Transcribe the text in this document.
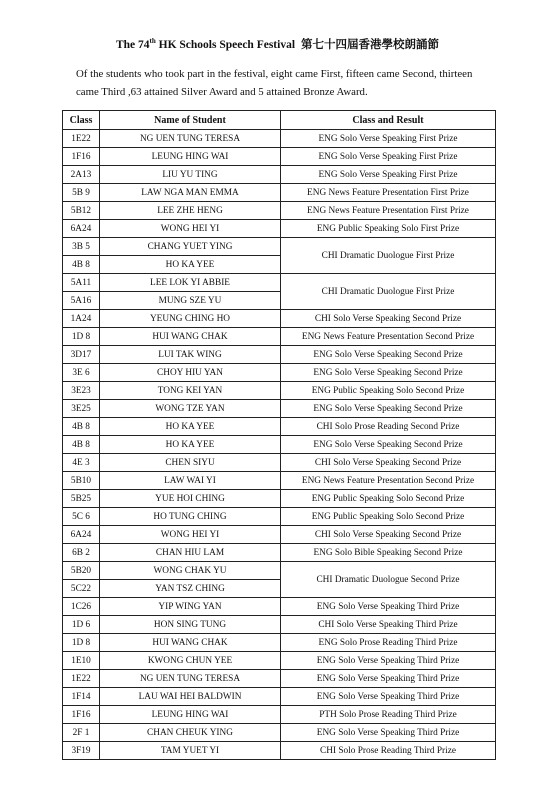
The 74th HK Schools Speech Festival 第七十四屆香港學校朗誦節
Of the students who took part in the festival, eight came First, fifteen came Second, thirteen came Third ,63 attained Silver Award and 5 attained Bronze Award.
Class	Name of Student	Class and Result
1E22	NG UEN TUNG TERESA	ENG Solo Verse Speaking First Prize
1F16	LEUNG HING WAI	ENG Solo Verse Speaking First Prize
2A13	LIU YU TING	ENG Solo Verse Speaking First Prize
5B 9	LAW NGA MAN EMMA	ENG News Feature Presentation First Prize
5B12	LEE ZHE HENG	ENG News Feature Presentation First Prize
6A24	WONG HEI YI	ENG Public Speaking Solo First Prize
3B 5	CHANG YUET YING	CHI Dramatic Duologue First Prize
4B 8	HO KA YEE	
5A11	LEE LOK YI ABBIE	CHI Dramatic Duologue First Prize
5A16	MUNG SZE YU	
1A24	YEUNG CHING HO	CHI Solo Verse Speaking Second Prize
1D 8	HUI WANG CHAK	ENG News Feature Presentation Second Prize
3D17	LUI TAK WING	ENG Solo Verse Speaking Second Prize
3E 6	CHOY HIU YAN	ENG Solo Verse Speaking Second Prize
3E23	TONG KEI YAN	ENG Public Speaking Solo Second Prize
3E25	WONG TZE YAN	ENG Solo Verse Speaking Second Prize
4B 8	HO KA YEE	CHI Solo Prose Reading Second Prize
4B 8	HO KA YEE	ENG Solo Verse Speaking Second Prize
4E 3	CHEN SIYU	CHI Solo Verse Speaking Second Prize
5B10	LAW WAI YI	ENG News Feature Presentation Second Prize
5B25	YUE HOI CHING	ENG Public Speaking Solo Second Prize
5C 6	HO TUNG CHING	ENG Public Speaking Solo Second Prize
6A24	WONG HEI YI	CHI Solo Verse Speaking Second Prize
6B 2	CHAN HIU LAM	ENG Solo Bible Speaking Second Prize
5B20	WONG CHAK YU	CHI Dramatic Duologue Second Prize
5C22	YAN TSZ CHING	
1C26	YIP WING YAN	ENG Solo Verse Speaking Third Prize
1D 6	HON SING TUNG	CHI Solo Verse Speaking Third Prize
1D 8	HUI WANG CHAK	ENG Solo Prose Reading Third Prize
1E10	KWONG CHUN YEE	ENG Solo Verse Speaking Third Prize
1E22	NG UEN TUNG TERESA	ENG Solo Verse Speaking Third Prize
1F14	LAU WAI HEI BALDWIN	ENG Solo Verse Speaking Third Prize
1F16	LEUNG HING WAI	PTH Solo Prose Reading Third Prize
2F 1	CHAN CHEUK YING	ENG Solo Verse Speaking Third Prize
3F19	TAM YUET YI	CHI Solo Prose Reading Third Prize
